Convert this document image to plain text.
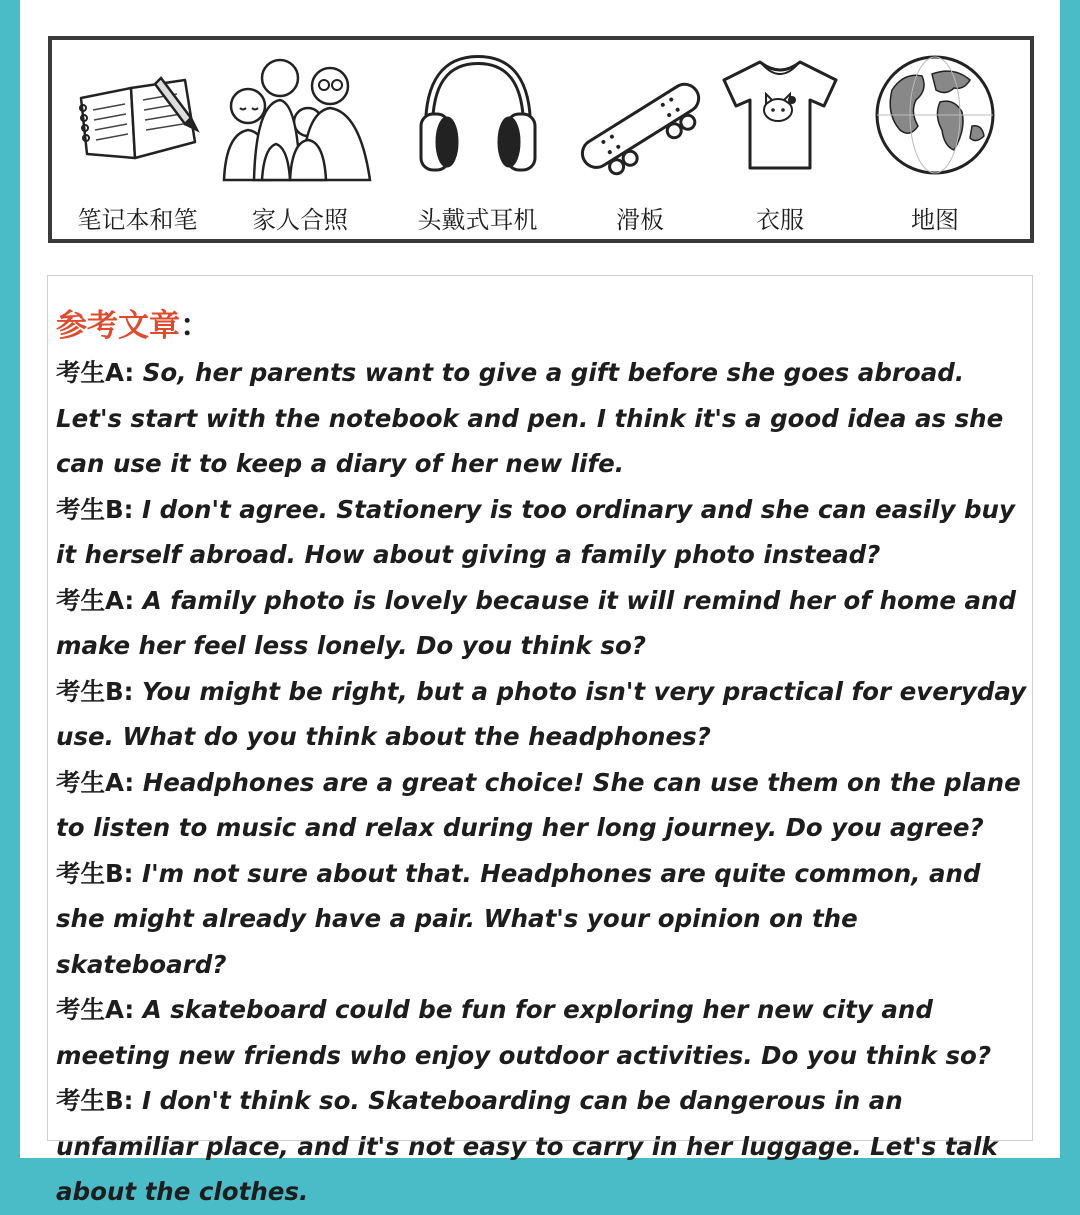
笔记本和笔	家人合照	头戴式耳机	滑板	衣服	地图
参考文章：
考生A: So, her parents want to give a gift before she goes abroad. Let's start with the notebook and pen. I think it's a good idea as she can use it to keep a diary of her new life.
考生B: I don't agree. Stationery is too ordinary and she can easily buy it herself abroad. How about giving a family photo instead?
考生A: A family photo is lovely because it will remind her of home and make her feel less lonely. Do you think so?
考生B: You might be right, but a photo isn't very practical for everyday use. What do you think about the headphones?
考生A: Headphones are a great choice! She can use them on the plane to listen to music and relax during her long journey. Do you agree?
考生B: I'm not sure about that. Headphones are quite common, and she might already have a pair. What's your opinion on the skateboard?
考生A: A skateboard could be fun for exploring her new city and meeting new friends who enjoy outdoor activities. Do you think so?
考生B: I don't think so. Skateboarding can be dangerous in an unfamiliar place, and it's not easy to carry in her luggage. Let's talk about the clothes.
